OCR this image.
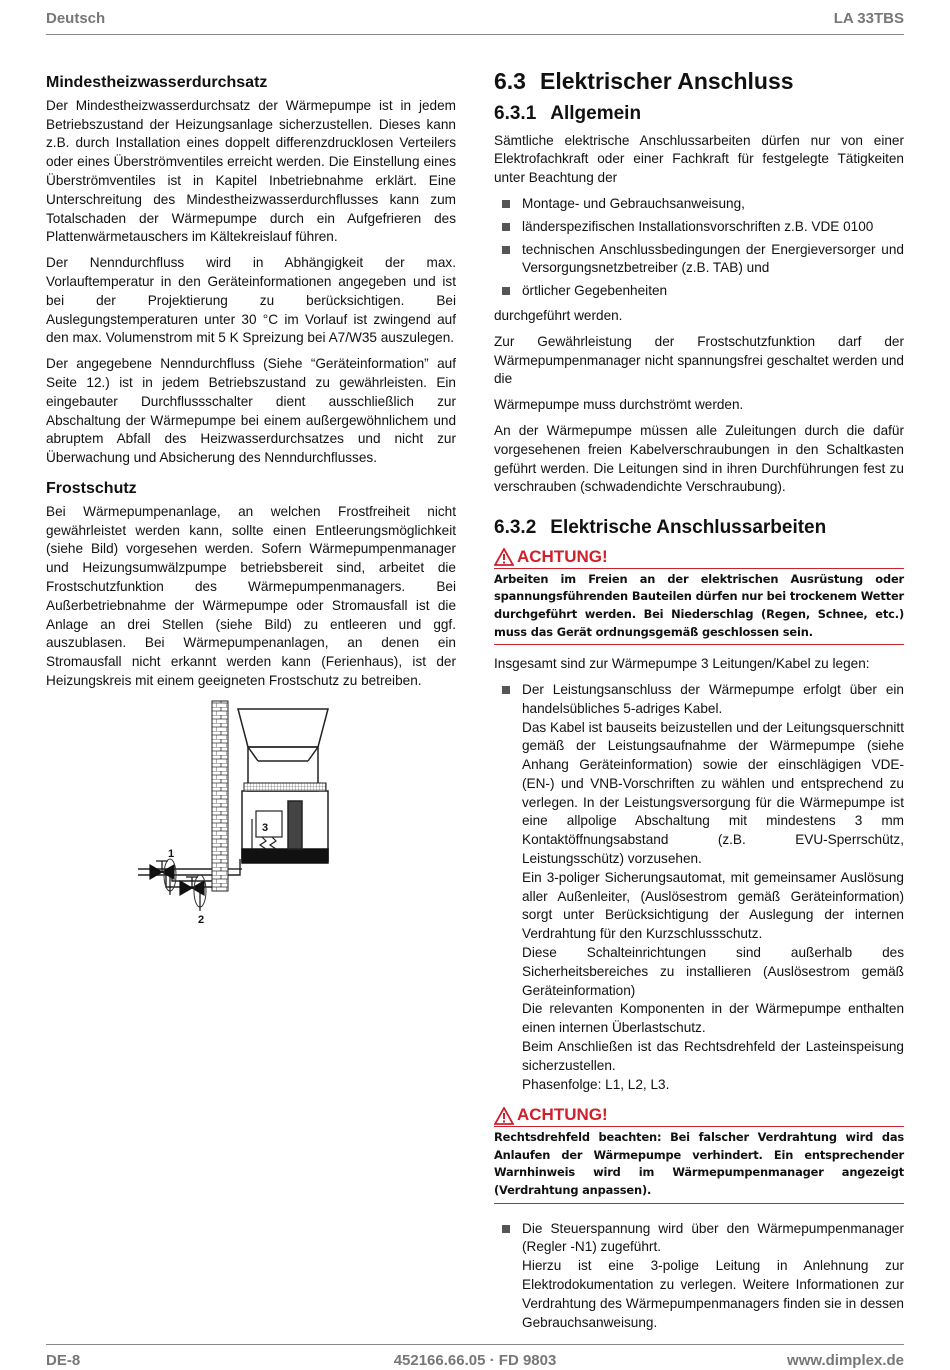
Deutsch	LA 33TBS
Mindestheizwasserdurchsatz

Der Mindestheizwasserdurchsatz der Wärmepumpe ist in jedem Betriebszustand der Heizungsanlage sicherzustellen. Dieses kann z.B. durch Installation eines doppelt differenzdrucklosen Verteilers oder eines Überströmventiles erreicht werden. Die Einstellung eines Überströmventiles ist in Kapitel Inbetriebnahme erklärt. Eine Unterschreitung des Mindestheizwasserdurchflusses kann zum Totalschaden der Wärmepumpe durch ein Aufgefrieren des Plattenwärmetauschers im Kältekreislauf führen.

Der Nenndurchfluss wird in Abhängigkeit der max. Vorlauftemperatur in den Geräteinformationen angegeben und ist bei der Projektierung zu berücksichtigen. Bei Auslegungstemperaturen unter 30 °C im Vorlauf ist zwingend auf den max. Volumenstrom mit 5 K Spreizung bei A7/W35 auszulegen.

Der angegebene Nenndurchfluss (Siehe “Geräteinformation” auf Seite 12.) ist in jedem Betriebszustand zu gewährleisten. Ein eingebauter Durchflussschalter dient ausschließlich zur Abschaltung der Wärmepumpe bei einem außergewöhnlichem und abruptem Abfall des Heizwasserdurchsatzes und nicht zur Überwachung und Absicherung des Nenndurchflusses.

Frostschutz

Bei Wärmepumpenanlage, an welchen Frostfreiheit nicht gewährleistet werden kann, sollte einen Entleerungsmöglichkeit (siehe Bild) vorgesehen werden. Sofern Wärmepumpenmanager und Heizungsumwälzpumpe betriebsbereit sind, arbeitet die Frostschutzfunktion des Wärmepumpenmanagers. Bei Außerbetriebnahme der Wärmepumpe oder Stromausfall ist die Anlage an drei Stellen (siehe Bild) zu entleeren und ggf. auszublasen. Bei Wärmepumpenanlagen, an denen ein Stromausfall nicht erkannt werden kann (Ferienhaus), ist der Heizungskreis mit einem geeigneten Frostschutz zu betreiben.

3
1
2
6.3 Elektrischer Anschluss
6.3.1 Allgemein

Sämtliche elektrische Anschlussarbeiten dürfen nur von einer Elektrofachkraft oder einer Fachkraft für festgelegte Tätigkeiten unter Beachtung der

Montage- und Gebrauchsanweisung,
länderspezifischen Installationsvorschriften z.B. VDE 0100
technischen Anschlussbedingungen der Energieversorger und Versorgungsnetzbetreiber (z.B. TAB) und
örtlicher Gegebenheiten

durchgeführt werden.

Zur Gewährleistung der Frostschutzfunktion darf der Wärmepumpenmanager nicht spannungsfrei geschaltet werden und die

Wärmepumpe muss durchströmt werden.

An der Wärmepumpe müssen alle Zuleitungen durch die dafür vorgesehenen freien Kabelverschraubungen in den Schaltkasten geführt werden. Die Leitungen sind in ihren Durchführungen fest zu verschrauben (schwadendichte Verschraubung).

6.3.2 Elektrische Anschlussarbeiten
ACHTUNG!
Arbeiten im Freien an der elektrischen Ausrüstung oder spannungsführenden Bauteilen dürfen nur bei trockenem Wetter durchgeführt werden. Bei Niederschlag (Regen, Schnee, etc.) muss das Gerät ordnungsgemäß geschlossen sein.

Insgesamt sind zur Wärmepumpe 3 Leitungen/Kabel zu legen:

Der Leistungsanschluss der Wärmepumpe erfolgt über ein handelsübliches 5-adriges Kabel.
Das Kabel ist bauseits beizustellen und der Leitungsquerschnitt gemäß der Leistungsaufnahme der Wärmepumpe (siehe Anhang Geräteinformation) sowie der einschlägigen VDE- (EN-) und VNB-Vorschriften zu wählen und entsprechend zu verlegen. In der Leistungsversorgung für die Wärmepumpe ist eine allpolige Abschaltung mit mindestens 3 mm Kontaktöffnungsabstand (z.B. EVU-Sperrschütz, Leistungsschütz) vorzusehen.
Ein 3-poliger Sicherungsautomat, mit gemeinsamer Auslösung aller Außenleiter, (Auslösestrom gemäß Geräteinformation) sorgt unter Berücksichtigung der Auslegung der internen Verdrahtung für den Kurzschlussschutz.
Diese Schalteinrichtungen sind außerhalb des Sicherheitsbereiches zu installieren (Auslösestrom gemäß Geräteinformation)
Die relevanten Komponenten in der Wärmepumpe enthalten einen internen Überlastschutz.
Beim Anschließen ist das Rechtsdrehfeld der Lasteinspeisung sicherzustellen.
Phasenfolge: L1, L2, L3.
ACHTUNG!
Rechtsdrehfeld beachten: Bei falscher Verdrahtung wird das Anlaufen der Wärmepumpe verhindert. Ein entsprechender Warnhinweis wird im Wärmepumpenmanager angezeigt (Verdrahtung anpassen).
Die Steuerspannung wird über den Wärmepumpenmanager (Regler -N1) zugeführt.
Hierzu ist eine 3-polige Leitung in Anlehnung zur Elektrodokumentation zu verlegen. Weitere Informationen zur Verdrahtung des Wärmepumpenmanagers finden sie in dessen Gebrauchsanweisung.
DE-8	452166.66.05 · FD 9803	www.dimplex.de
